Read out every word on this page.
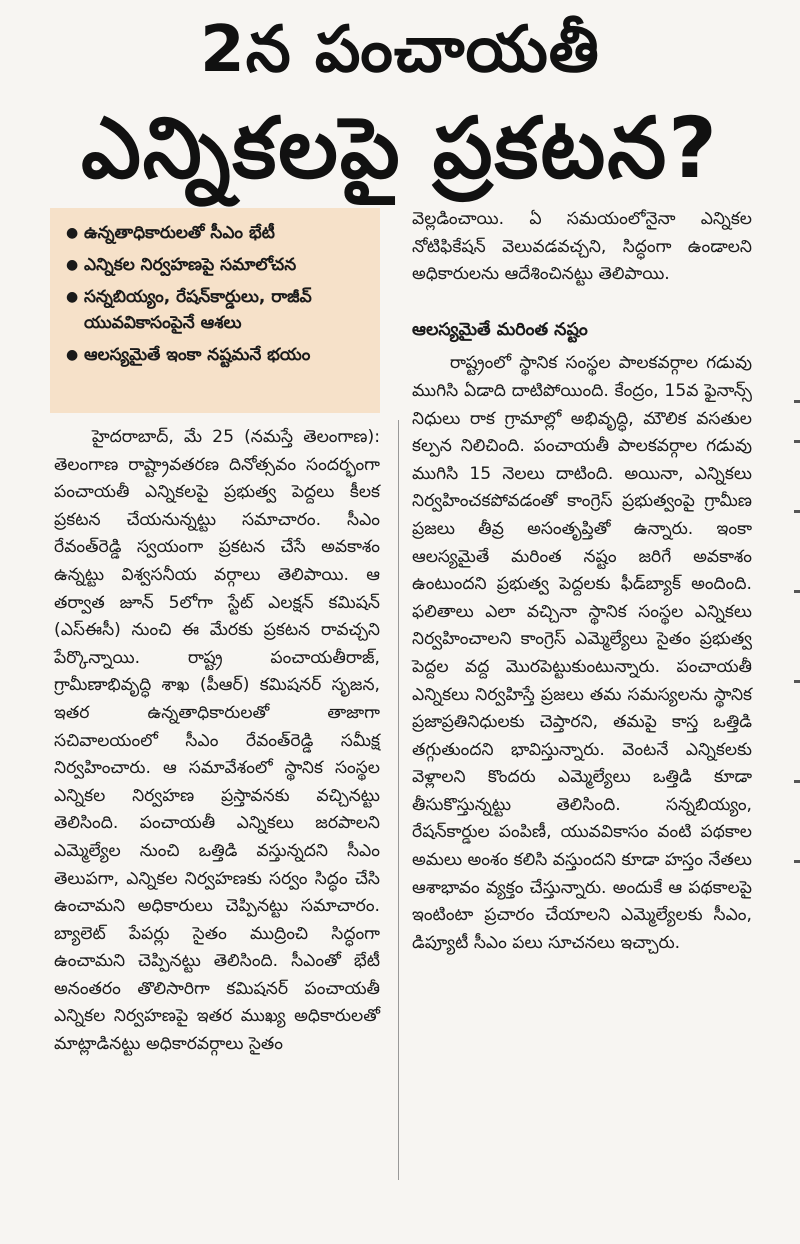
2న పంచాయతీ
ఎన్నికలపై ప్రకటన?
● ఉన్నతాధికారులతో సీఎం భేటీ
● ఎన్నికల నిర్వహణపై సమాలోచన
● సన్నబియ్యం, రేషన్‌కార్డులు, రాజీవ్ యువవికాసంపైనే ఆశలు
● ఆలస్యమైతే ఇంకా నష్టమనే భయం
హైదరాబాద్, మే 25 (నమస్తే తెలంగాణ): తెలంగాణ రాష్ట్రావతరణ దినోత్సవం సందర్భంగా పంచాయతీ ఎన్నికలపై ప్రభుత్వ పెద్దలు కీలక ప్రకటన చేయనున్నట్టు సమాచారం. సీఎం రేవంత్‌రెడ్డి స్వయంగా ప్రకటన చేసే అవకాశం ఉన్నట్టు విశ్వసనీయ వర్గాలు తెలిపాయి. ఆ తర్వాత జూన్ 5లోగా స్టేట్ ఎలక్షన్ కమిషన్ (ఎస్‌ఈసీ) నుంచి ఈ మేరకు ప్రకటన రావచ్చని పేర్కొన్నాయి. రాష్ట్ర పంచాయతీరాజ్, గ్రామీణాభివృద్ధి శాఖ (పీఆర్) కమిషనర్ సృజన, ఇతర ఉన్నతాధికారులతో తాజాగా సచివాలయంలో సీఎం రేవంత్‌రెడ్డి సమీక్ష నిర్వహించారు. ఆ సమావేశంలో స్థానిక సంస్థల ఎన్నికల నిర్వహణ ప్రస్తావనకు వచ్చినట్టు తెలిసింది. పంచాయతీ ఎన్నికలు జరపాలని ఎమ్మెల్యేల నుంచి ఒత్తిడి వస్తున్నదని సీఎం తెలుపగా, ఎన్నికల నిర్వహణకు సర్వం సిద్ధం చేసి ఉంచామని అధికారులు చెప్పినట్టు సమాచారం. బ్యాలెట్ పేపర్లు సైతం ముద్రించి సిద్ధంగా ఉంచామని చెప్పినట్టు తెలిసింది. సీఎంతో భేటీ అనంతరం తొలిసారిగా కమిషనర్ పంచాయతీ ఎన్నికల నిర్వహణపై ఇతర ముఖ్య అధికారులతో మాట్లాడినట్టు అధికారవర్గాలు సైతం
వెల్లడించాయి. ఏ సమయంలోనైనా ఎన్నికల నోటిఫికేషన్ వెలువడవచ్చని, సిద్ధంగా ఉండాలని అధికారులను ఆదేశించినట్టు తెలిపాయి.
ఆలస్యమైతే మరింత నష్టం
రాష్ట్రంలో స్థానిక సంస్థల పాలకవర్గాల గడువు ముగిసి ఏడాది దాటిపోయింది. కేంద్రం, 15వ ఫైనాన్స్ నిధులు రాక గ్రామాల్లో అభివృద్ధి, మౌలిక వసతుల కల్పన నిలిచింది. పంచాయతీ పాలకవర్గాల గడువు ముగిసి 15 నెలలు దాటింది. అయినా, ఎన్నికలు నిర్వహించకపోవడంతో కాంగ్రెస్ ప్రభుత్వంపై గ్రామీణ ప్రజలు తీవ్ర అసంతృప్తితో ఉన్నారు. ఇంకా ఆలస్యమైతే మరింత నష్టం జరిగే అవకాశం ఉంటుందని ప్రభుత్వ పెద్దలకు ఫీడ్‌బ్యాక్ అందింది. ఫలితాలు ఎలా వచ్చినా స్థానిక సంస్థల ఎన్నికలు నిర్వహించాలని కాంగ్రెస్ ఎమ్మెల్యేలు సైతం ప్రభుత్వ పెద్దల వద్ద మొరపెట్టుకుంటున్నారు. పంచాయతీ ఎన్నికలు నిర్వహిస్తే ప్రజలు తమ సమస్యలను స్థానిక ప్రజాప్రతినిధులకు చెప్తారని, తమపై కాస్త ఒత్తిడి తగ్గుతుందని భావిస్తున్నారు. వెంటనే ఎన్నికలకు వెళ్లాలని కొందరు ఎమ్మెల్యేలు ఒత్తిడి కూడా తీసుకొస్తున్నట్టు తెలిసింది. సన్నబియ్యం, రేషన్‌కార్డుల పంపిణీ, యువవికాసం వంటి పథకాల అమలు అంశం కలిసి వస్తుందని కూడా హస్తం నేతలు ఆశాభావం వ్యక్తం చేస్తున్నారు. అందుకే ఆ పథకాలపై ఇంటింటా ప్రచారం చేయాలని ఎమ్మెల్యేలకు సీఎం, డిప్యూటీ సీఎం పలు సూచనలు ఇచ్చారు.
